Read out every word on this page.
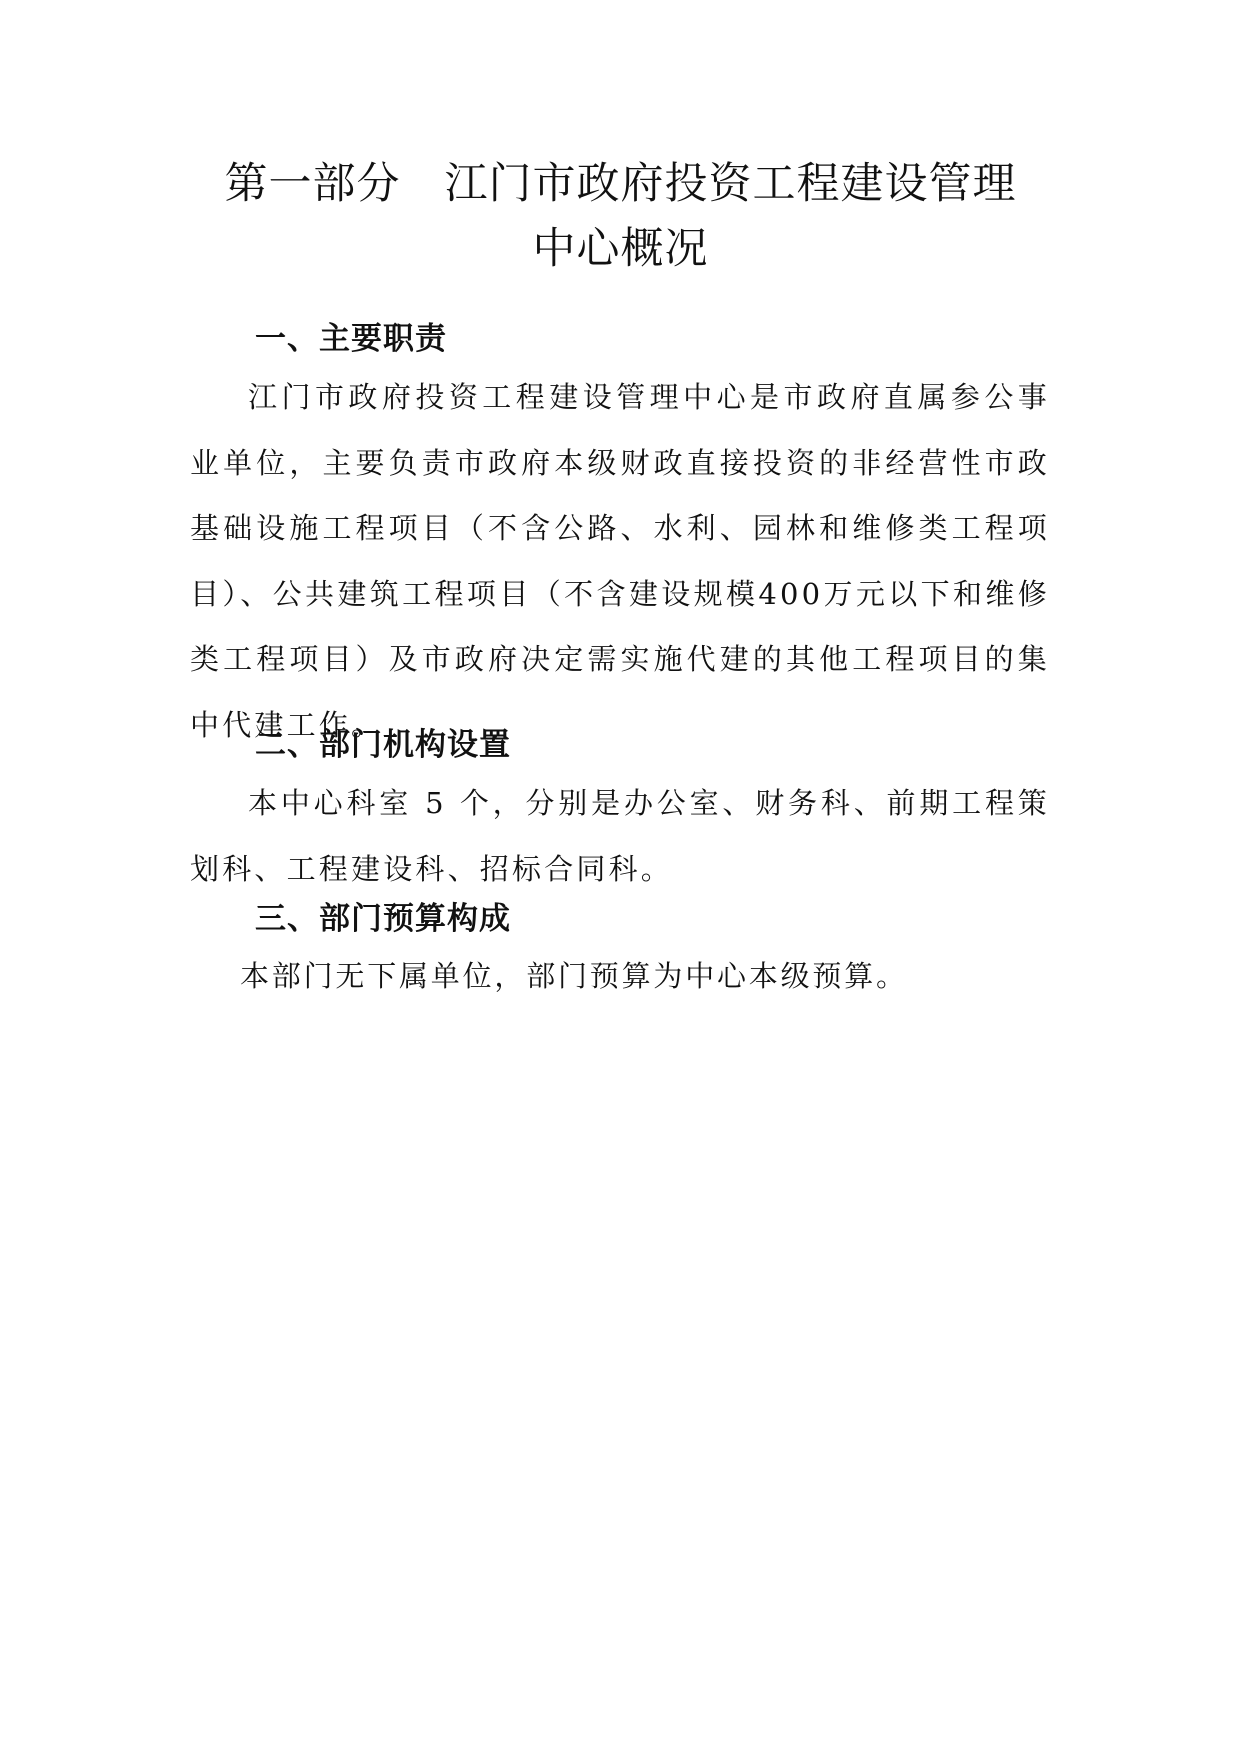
第一部分　江门市政府投资工程建设管理
中心概况
一、主要职责

江门市政府投资工程建设管理中心是市政府直属参公事业单位，主要负责市政府本级财政直接投资的非经营性市政基础设施工程项目（不含公路、水利、园林和维修类工程项目）、公共建筑工程项目（不含建设规模400万元以下和维修类工程项目）及市政府决定需实施代建的其他工程项目的集中代建工作。

二、部门机构设置

本中心科室 5 个，分别是办公室、财务科、前期工程策划科、工程建设科、招标合同科。

三、部门预算构成

本部门无下属单位，部门预算为中心本级预算。
